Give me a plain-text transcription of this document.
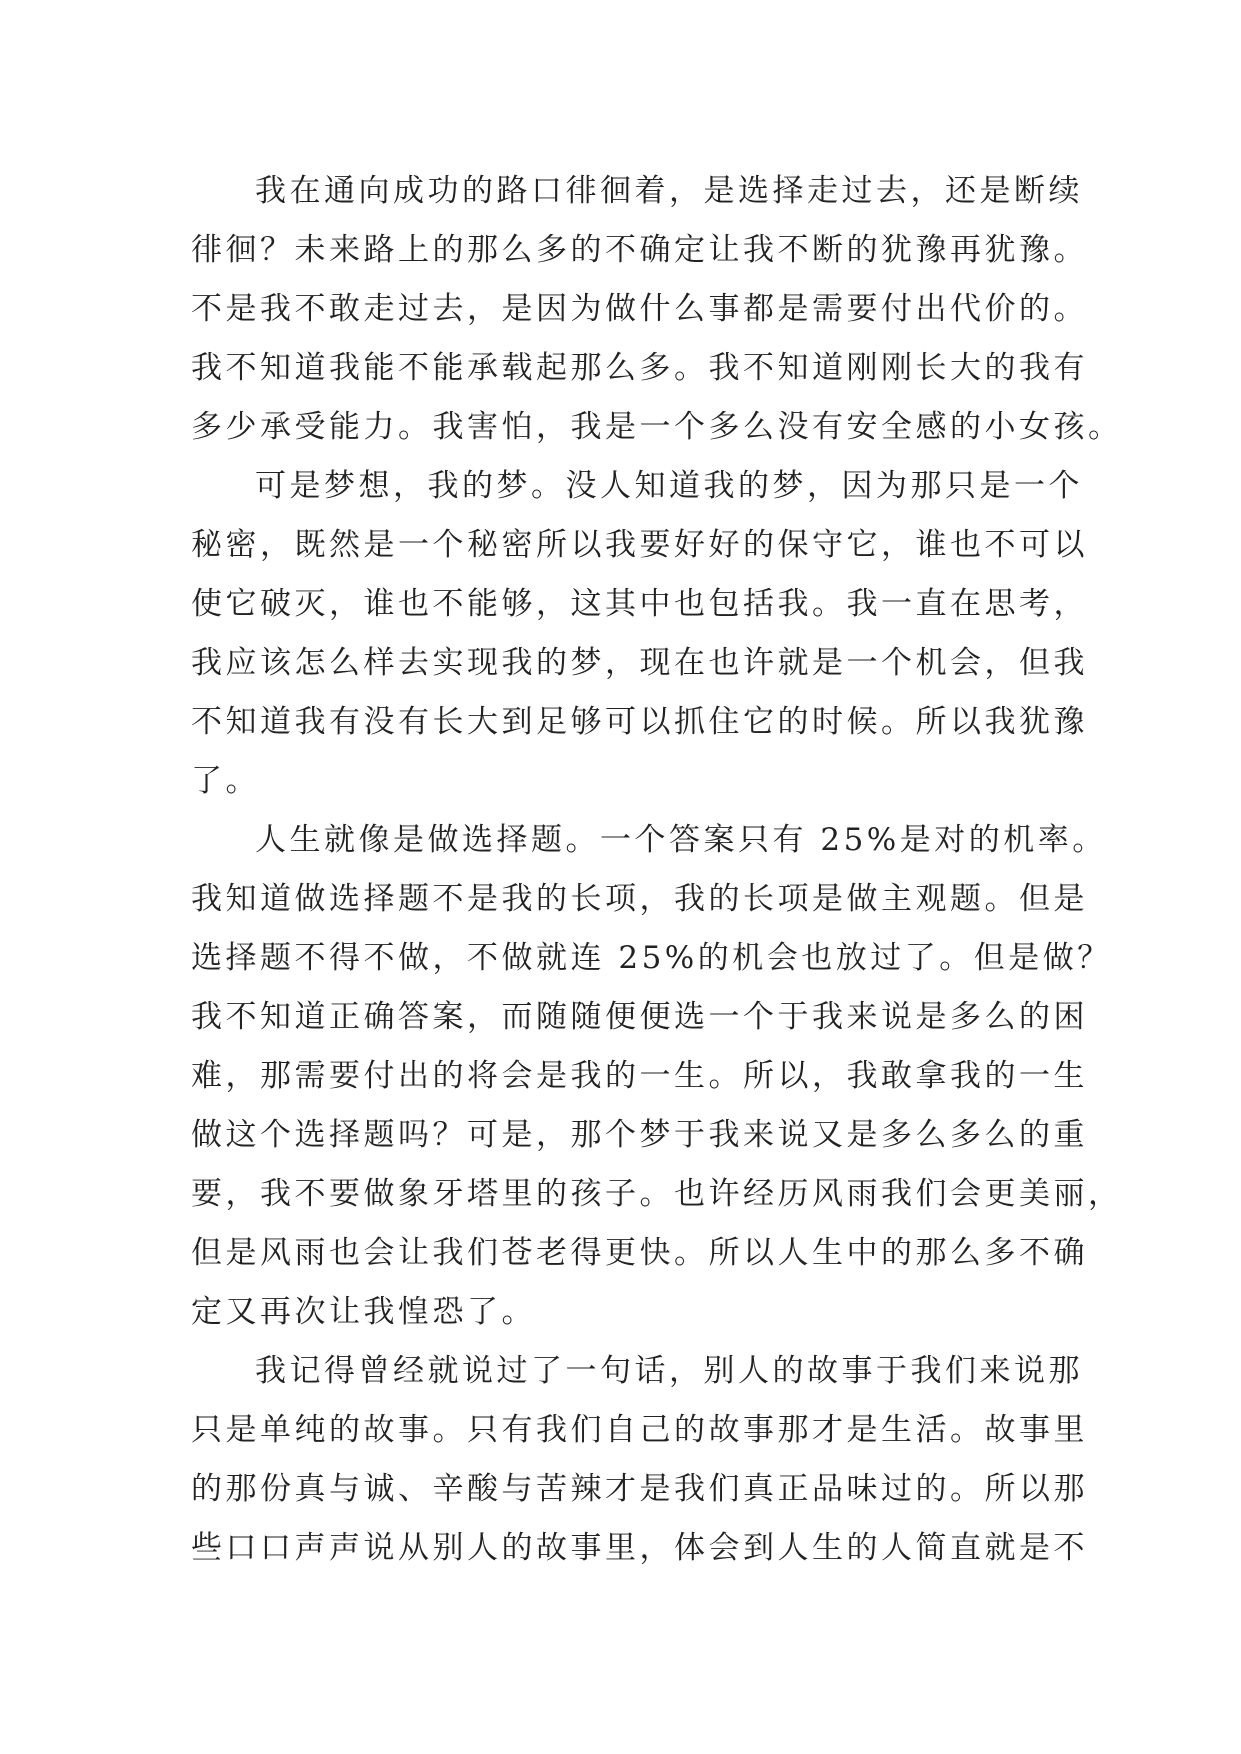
我在通向成功的路口徘徊着，是选择走过去，还是断续
徘徊？未来路上的那么多的不确定让我不断的犹豫再犹豫。
不是我不敢走过去，是因为做什么事都是需要付出代价的。
我不知道我能不能承载起那么多。我不知道刚刚长大的我有
多少承受能力。我害怕，我是一个多么没有安全感的小女孩。
可是梦想，我的梦。没人知道我的梦，因为那只是一个
秘密，既然是一个秘密所以我要好好的保守它，谁也不可以
使它破灭，谁也不能够，这其中也包括我。我一直在思考，
我应该怎么样去实现我的梦，现在也许就是一个机会，但我
不知道我有没有长大到足够可以抓住它的时候。所以我犹豫
了。
人生就像是做选择题。一个答案只有 25%是对的机率。
我知道做选择题不是我的长项，我的长项是做主观题。但是
选择题不得不做，不做就连 25%的机会也放过了。但是做？
我不知道正确答案，而随随便便选一个于我来说是多么的困
难，那需要付出的将会是我的一生。所以，我敢拿我的一生
做这个选择题吗？可是，那个梦于我来说又是多么多么的重
要，我不要做象牙塔里的孩子。也许经历风雨我们会更美丽，
但是风雨也会让我们苍老得更快。所以人生中的那么多不确
定又再次让我惶恐了。
我记得曾经就说过了一句话，别人的故事于我们来说那
只是单纯的故事。只有我们自己的故事那才是生活。故事里
的那份真与诚、辛酸与苦辣才是我们真正品味过的。所以那
些口口声声说从别人的故事里，体会到人生的人简直就是不
